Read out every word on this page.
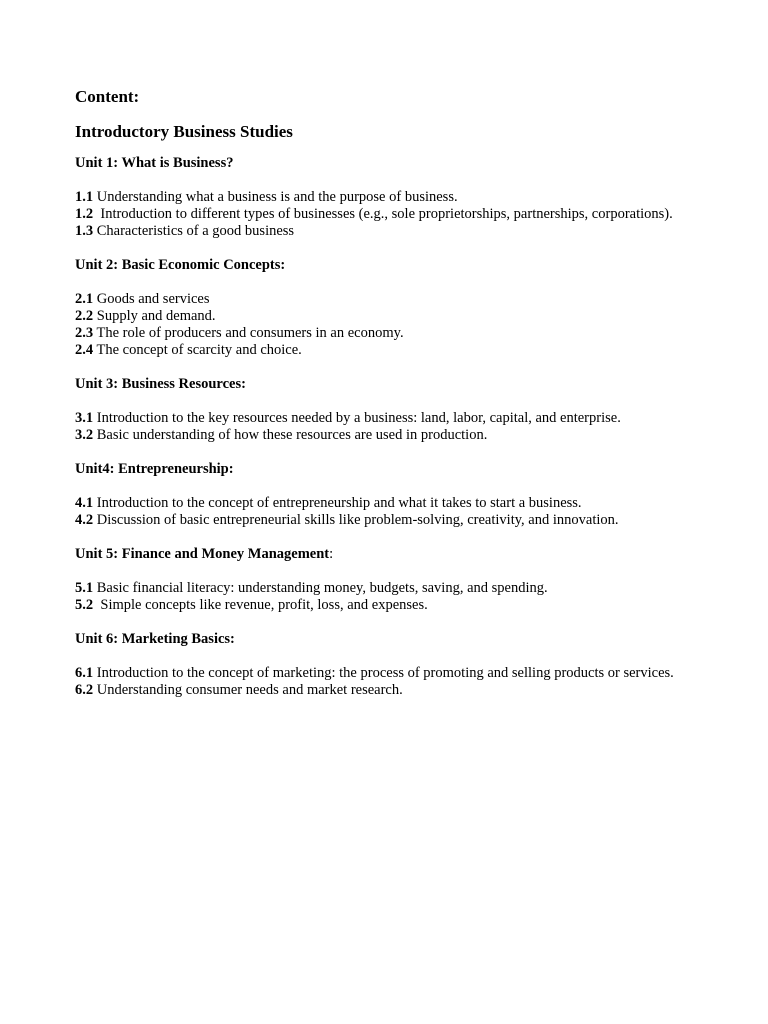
Content:
Introductory Business Studies
Unit 1: What is Business?
1.1 Understanding what a business is and the purpose of business.
1.2  Introduction to different types of businesses (e.g., sole proprietorships, partnerships, corporations).
1.3 Characteristics of a good business
Unit 2: Basic Economic Concepts:
2.1 Goods and services
2.2 Supply and demand.
2.3 The role of producers and consumers in an economy.
2.4 The concept of scarcity and choice.
Unit 3: Business Resources:
3.1 Introduction to the key resources needed by a business: land, labor, capital, and enterprise.
3.2 Basic understanding of how these resources are used in production.
Unit4: Entrepreneurship:
4.1 Introduction to the concept of entrepreneurship and what it takes to start a business.
4.2 Discussion of basic entrepreneurial skills like problem-solving, creativity, and innovation.
Unit 5: Finance and Money Management:
5.1 Basic financial literacy: understanding money, budgets, saving, and spending.
5.2  Simple concepts like revenue, profit, loss, and expenses.
Unit 6: Marketing Basics:
6.1 Introduction to the concept of marketing: the process of promoting and selling products or services.
6.2 Understanding consumer needs and market research.
